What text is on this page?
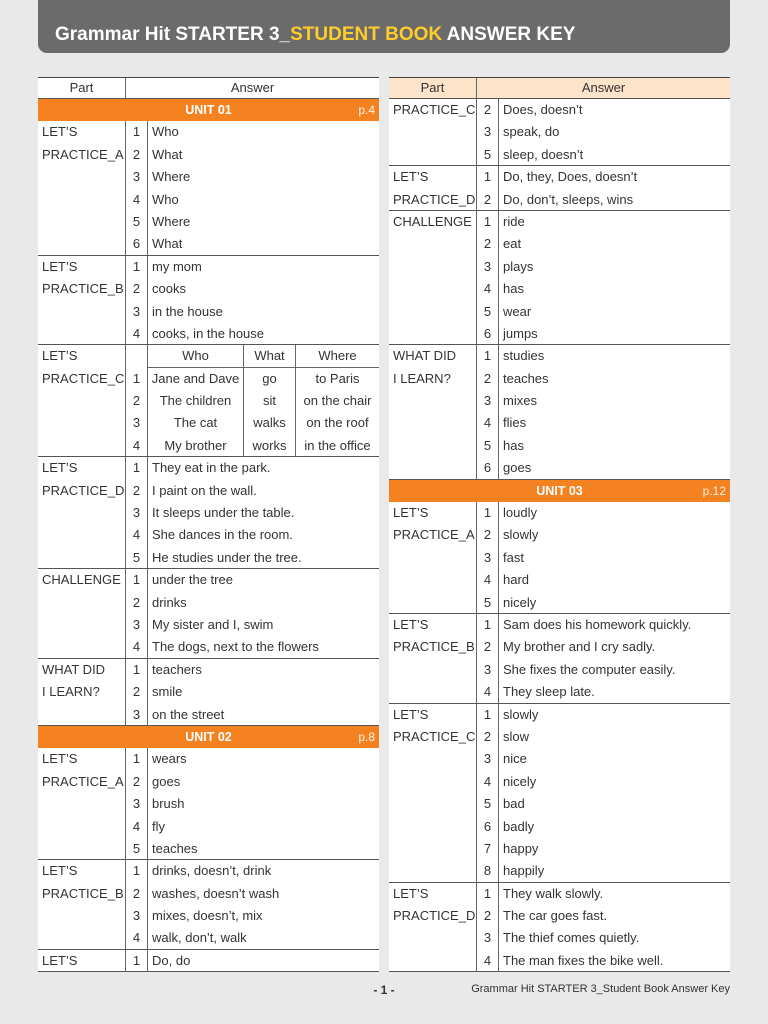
Grammar Hit STARTER 3_STUDENT BOOK ANSWER KEY
Part	Answer
UNIT 01	p.4
LET’S	1 Who
PRACTICE_A 2 What
3 Where
4 Who
5 Where
6 What
LET’S	1 my mom
PRACTICE_B 2 cooks
3 in the house
4 cooks, in the house
LET’S	Who	What	Where
PRACTICE_C 1 Jane and Dave	go	to Paris
2	The children	sit	on the chair
3	The cat	walks	on the roof
4	My brother	works	in the office
LET’S	1 They eat in the park.
PRACTICE_D 2 I paint on the wall.
3 It sleeps under the table.
4 She dances in the room.
5 He studies under the tree.
CHALLENGE 1 under the tree
2 drinks
3 My sister and I, swim
4 The dogs, next to the flowers
WHAT DID	1 teachers
I LEARN?	2 smile
3 on the street
UNIT 02	p.8
LET’S	1 wears
PRACTICE_A 2 goes
3 brush
4 fly
5 teaches
LET’S	1 drinks, doesn’t, drink
PRACTICE_B 2 washes, doesn’t wash
3 mixes, doesn’t, mix
4 walk, don’t, walk
LET’S	1 Do, do
Part	Answer
PRACTICE_C 2 Does, doesn’t
3 speak, do
5 sleep, doesn’t
LET’S	1 Do, they, Does, doesn’t
PRACTICE_D 2 Do, don’t, sleeps, wins
CHALLENGE 1 ride
2 eat
3 plays
4 has
5 wear
6 jumps
WHAT DID	1 studies
I LEARN?	2 teaches
3 mixes
4 flies
5 has
6 goes
UNIT 03	p.12
LET’S	1 loudly
PRACTICE_A 2 slowly
3 fast
4 hard
5 nicely
LET’S	1 Sam does his homework quickly.
PRACTICE_B 2 My brother and I cry sadly.
3 She fixes the computer easily.
4 They sleep late.
LET’S	1 slowly
PRACTICE_C 2 slow
3 nice
4 nicely
5 bad
6 badly
7 happy
8 happily
LET’S	1 They walk slowly.
PRACTICE_D 2 The car goes fast.
3 The thief comes quietly.
4 The man fixes the bike well.
- 1 -	Grammar Hit STARTER 3_Student Book Answer Key
